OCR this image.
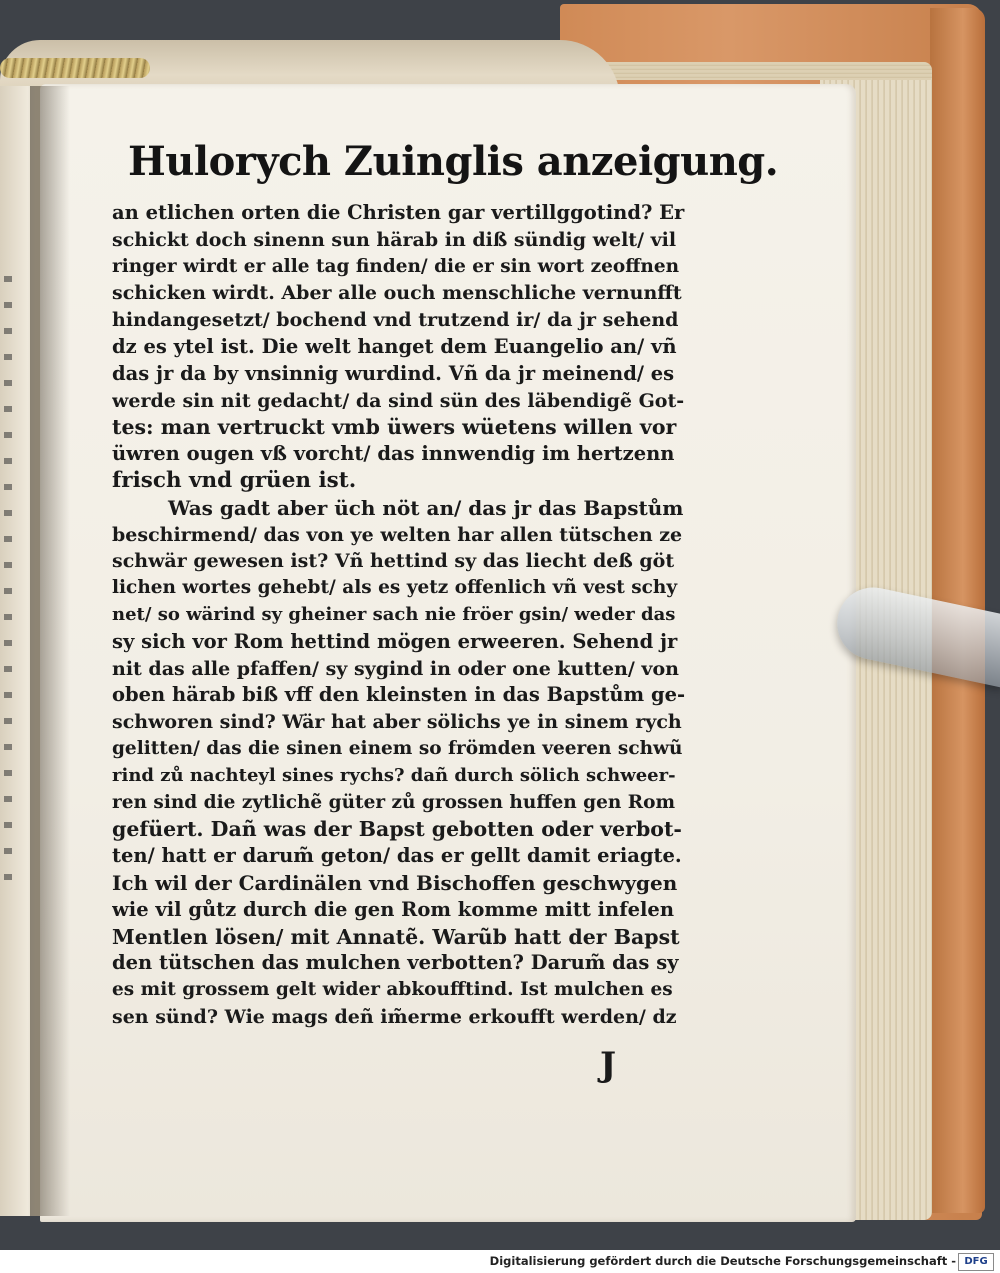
Hulorych Zuinglis anzeigung.
an etlichen orten die Christen gar vertillggotind? Er
schickt doch sinenn sun härab in diß sündig welt/ vil
ringer wirdt er alle tag finden/ die er sin wort zeoffnen
schicken wirdt. Aber alle ouch menschliche vernunfft
hindangesetzt/ bochend vnd trutzend ir/ da jr sehend
dz es ytel ist. Die welt hanget dem Euangelio an/ vñ
das jr da by vnsinnig wurdind. Vñ da jr meinend/ es
werde sin nit gedacht/ da sind sün des läbendigẽ Got-
tes: man vertruckt vmb üwers wüetens willen vor
üwren ougen vß vorcht/ das innwendig im hertzenn
frisch vnd grüen ist.
Was gadt aber üch nöt an/ das jr das Bapstům
beschirmend/ das von ye welten har allen tütschen ze
schwär gewesen ist? Vñ hettind sy das liecht deß göt
lichen wortes gehebt/ als es yetz offenlich vñ vest schy
net/ so wärind sy gheiner sach nie fröer gsin/ weder das
sy sich vor Rom hettind mögen erweeren. Sehend jr
nit das alle pfaffen/ sy sygind in oder one kutten/ von
oben härab biß vff den kleinsten in das Bapstům ge-
schworen sind? Wär hat aber sölichs ye in sinem rych
gelitten/ das die sinen einem so frömden veeren schwũ
rind zů nachteyl sines rychs? dañ durch sölich schweer-
ren sind die zytlichẽ güter zů grossen huffen gen Rom
gefüert. Dañ was der Bapst gebotten oder verbot-
ten/ hatt er darum̃ geton/ das er gellt damit eriagte.
Ich wil der Cardinälen vnd Bischoffen geschwygen
wie vil gůtz durch die gen Rom komme mitt infelen
Mentlen lösen/ mit Annatẽ. Warũb hatt der Bapst
den tütschen das mulchen verbotten? Darum̃ das sy
es mit grossem gelt wider abkoufftind. Ist mulchen es
sen sünd? Wie mags deñ im̃erme erkoufft werden/ dz
J
Digitalisierung gefördert durch die Deutsche Forschungsgemeinschaft - DFG
